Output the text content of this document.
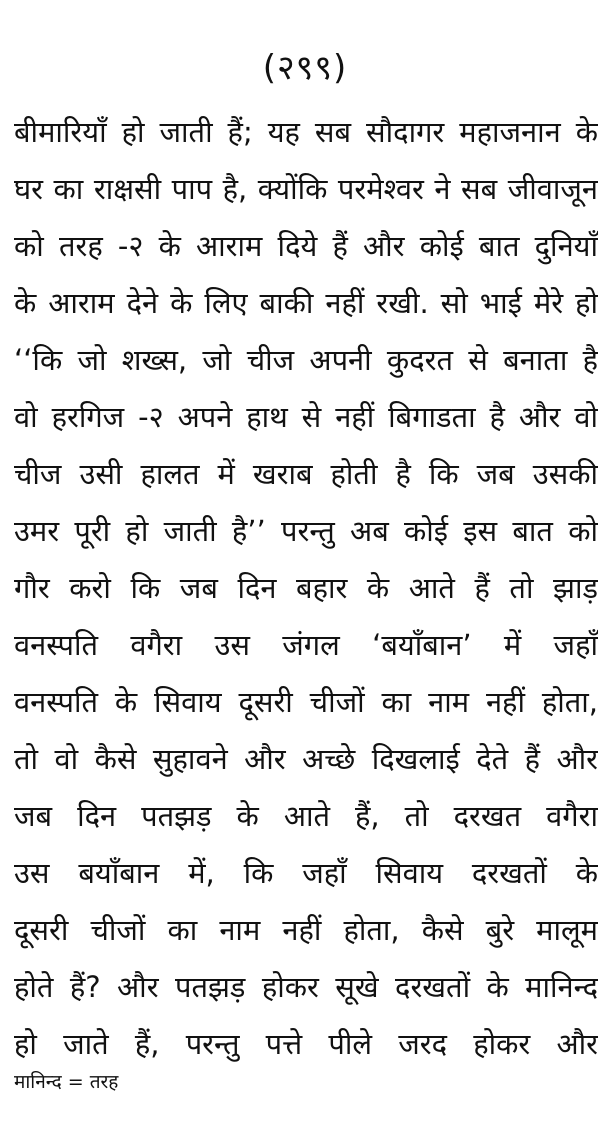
(२९९)
बीमारियाँ हो जाती हैं; यह सब सौदागर महाजनान के
घर का राक्षसी पाप है, क्योंकि परमेश्वर ने सब जीवाजून
को तरह -२ के आराम दिये हैं और कोई बात दुनियाँ
के आराम देने के लिए बाकी नहीं रखी. सो भाई मेरे हो
‘‘कि जो शख्स, जो चीज अपनी कुदरत से बनाता है
वो हरगिज -२ अपने हाथ से नहीं बिगाडता है और वो
चीज उसी हालत में खराब होती है कि जब उसकी
उमर पूरी हो जाती है’’ परन्तु अब कोई इस बात को
गौर करो कि जब दिन बहार के आते हैं तो झाड़
वनस्पति वगैरा उस जंगल ‘बयाँबान’ में जहाँ
वनस्पति के सिवाय दूसरी चीजों का नाम नहीं होता,
तो वो कैसे सुहावने और अच्छे दिखलाई देते हैं और
जब दिन पतझड़ के आते हैं, तो दरखत वगैरा
उस बयाँबान में, कि जहाँ सिवाय दरखतों के
दूसरी चीजों का नाम नहीं होता, कैसे बुरे मालूम
होते हैं? और पतझड़ होकर सूखे दरखतों के मानिन्द
हो जाते हैं, परन्तु पत्ते पीले जरद होकर और
मानिन्द = तरह
